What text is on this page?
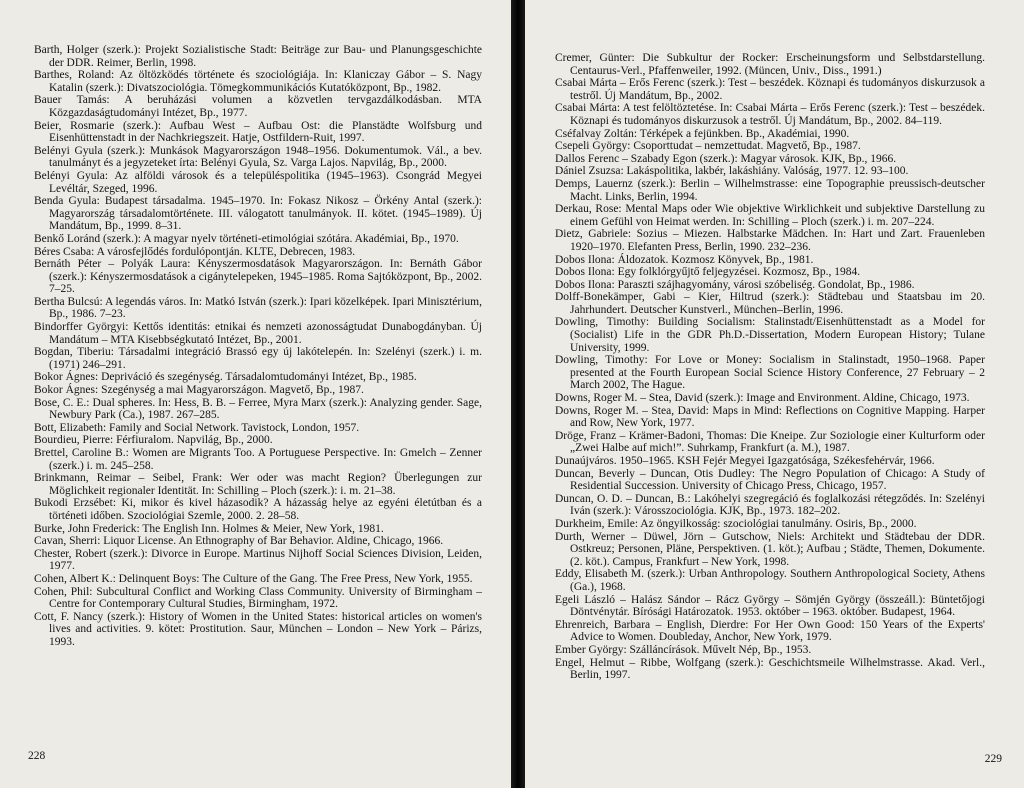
Barth, Holger (szerk.): Projekt Sozialistische Stadt: Beiträge zur Bau- und Planungsgeschichte der DDR. Reimer, Berlin, 1998.

Barthes, Roland: Az öltözködés története és szociológiája. In: Klaniczay Gábor – S. Nagy Katalin (szerk.): Divatszociológia. Tömegkommunikációs Kutatóközpont, Bp., 1982.

Bauer Tamás: A beruházási volumen a közvetlen tervgazdálkodásban. MTA Közgazdaságtudományi Intézet, Bp., 1977.

Beier, Rosmarie (szerk.): Aufbau West – Aufbau Ost: die Planstädte Wolfsburg und Eisenhüttenstadt in der Nachkriegszeit. Hatje, Ostfildern-Ruit, 1997.

Belényi Gyula (szerk.): Munkások Magyarországon 1948–1956. Dokumentumok. Vál., a bev. tanulmányt és a jegyzeteket írta: Belényi Gyula, Sz. Varga Lajos. Napvilág, Bp., 2000.

Belényi Gyula: Az alföldi városok és a településpolitika (1945–1963). Csongrád Megyei Levéltár, Szeged, 1996.

Benda Gyula: Budapest társadalma. 1945–1970. In: Fokasz Nikosz – Örkény Antal (szerk.): Magyarország társadalomtörténete. III. válogatott tanulmányok. II. kötet. (1945–1989). Új Mandátum, Bp., 1999. 8–31.

Benkő Loránd (szerk.): A magyar nyelv történeti-etimológiai szótára. Akadémiai, Bp., 1970.

Béres Csaba: A városfejlődés fordulópontján. KLTE, Debrecen, 1983.

Bernáth Péter – Polyák Laura: Kényszermosdatások Magyarországon. In: Bernáth Gábor (szerk.): Kényszermosdatások a cigánytelepeken, 1945–1985. Roma Sajtóközpont, Bp., 2002. 7–25.

Bertha Bulcsú: A legendás város. In: Matkó István (szerk.): Ipari közelképek. Ipari Minisztérium, Bp., 1986. 7–23.

Bindorffer Györgyi: Kettős identitás: etnikai és nemzeti azonosságtudat Dunabogdányban. Új Mandátum – MTA Kisebbségkutató Intézet, Bp., 2001.

Bogdan, Tiberiu: Társadalmi integráció Brassó egy új lakótelepén. In: Szelényi (szerk.) i. m. (1971) 246–291.

Bokor Ágnes: Depriváció és szegénység. Társadalomtudományi Intézet, Bp., 1985.

Bokor Ágnes: Szegénység a mai Magyarországon. Magvető, Bp., 1987.

Bose, C. E.: Dual spheres. In: Hess, B. B. – Ferree, Myra Marx (szerk.): Analyzing gender. Sage, Newbury Park (Ca.), 1987. 267–285.

Bott, Elizabeth: Family and Social Network. Tavistock, London, 1957.

Bourdieu, Pierre: Férfiuralom. Napvilág, Bp., 2000.

Brettel, Caroline B.: Women are Migrants Too. A Portuguese Perspective. In: Gmelch – Zenner (szerk.) i. m. 245–258.

Brinkmann, Reimar – Seibel, Frank: Wer oder was macht Region? Überlegungen zur Möglichkeit regionaler Identität. In: Schilling – Ploch (szerk.): i. m. 21–38.

Bukodi Erzsébet: Ki, mikor és kivel házasodik? A házasság helye az egyéni életútban és a történeti időben. Szociológiai Szemle, 2000. 2. 28–58.

Burke, John Frederick: The English Inn. Holmes & Meier, New York, 1981.

Cavan, Sherri: Liquor License. An Ethnography of Bar Behavior. Aldine, Chicago, 1966.

Chester, Robert (szerk.): Divorce in Europe. Martinus Nijhoff Social Sciences Division, Leiden, 1977.

Cohen, Albert K.: Delinquent Boys: The Culture of the Gang. The Free Press, New York, 1955.

Cohen, Phil: Subcultural Conflict and Working Class Community. University of Birmingham – Centre for Contemporary Cultural Studies, Birmingham, 1972.

Cott, F. Nancy (szerk.): History of Women in the United States: historical articles on women's lives and activities. 9. kötet: Prostitution. Saur, München – London – New York – Párizs, 1993.

228

Cremer, Günter: Die Subkultur der Rocker: Erscheinungsform und Selbstdarstellung. Centaurus-Verl., Pfaffenweiler, 1992. (Müncen, Univ., Diss., 1991.)

Csabai Márta – Erős Ferenc (szerk.): Test – beszédek. Köznapi és tudományos diskurzusok a testről. Új Mandátum, Bp., 2002.

Csabai Márta: A test felöltöztetése. In: Csabai Márta – Erős Ferenc (szerk.): Test – beszédek. Köznapi és tudományos diskurzusok a testről. Új Mandátum, Bp., 2002. 84–119.

Cséfalvay Zoltán: Térképek a fejünkben. Bp., Akadémiai, 1990.

Csepeli György: Csoporttudat – nemzettudat. Magvető, Bp., 1987.

Dallos Ferenc – Szabady Egon (szerk.): Magyar városok. KJK, Bp., 1966.

Dániel Zsuzsa: Lakáspolitika, lakbér, lakáshiány. Valóság, 1977. 12. 93–100.

Demps, Lauernz (szerk.): Berlin – Wilhelmstrasse: eine Topographie preussisch-deutscher Macht. Links, Berlin, 1994.

Derkau, Rose: Mental Maps oder Wie objektive Wirklichkeit und subjektive Darstellung zu einem Gefühl von Heimat werden. In: Schilling – Ploch (szerk.) i. m. 207–224.

Dietz, Gabriele: Sozius – Miezen. Halbstarke Mädchen. In: Hart und Zart. Frauenleben 1920–1970. Elefanten Press, Berlin, 1990. 232–236.

Dobos Ilona: Áldozatok. Kozmosz Könyvek, Bp., 1981.

Dobos Ilona: Egy folklórgyűjtő feljegyzései. Kozmosz, Bp., 1984.

Dobos Ilona: Paraszti szájhagyomány, városi szóbeliség. Gondolat, Bp., 1986.

Dolff-Bonekämper, Gabi – Kier, Hiltrud (szerk.): Städtebau und Staatsbau im 20. Jahrhundert. Deutscher Kunstverl., München–Berlin, 1996.

Dowling, Timothy: Building Socialism: Stalinstadt/Eisenhüttenstadt as a Model for (Socialist) Life in the GDR Ph.D.-Dissertation, Modern European History; Tulane University, 1999.

Dowling, Timothy: For Love or Money: Socialism in Stalinstadt, 1950–1968. Paper presented at the Fourth European Social Science History Conference, 27 February – 2 March 2002, The Hague.

Downs, Roger M. – Stea, David (szerk.): Image and Environment. Aldine, Chicago, 1973.

Downs, Roger M. – Stea, David: Maps in Mind: Reflections on Cognitive Mapping. Harper and Row, New York, 1977.

Dröge, Franz – Krämer-Badoni, Thomas: Die Kneipe. Zur Soziologie einer Kulturform oder „Zwei Halbe auf mich!”. Suhrkamp, Frankfurt (a. M.), 1987.

Dunaújváros. 1950–1965. KSH Fejér Megyei Igazgatósága, Székesfehérvár, 1966.

Duncan, Beverly – Duncan, Otis Dudley: The Negro Population of Chicago: A Study of Residential Succession. University of Chicago Press, Chicago, 1957.

Duncan, O. D. – Duncan, B.: Lakóhelyi szegregáció és foglalkozási rétegződés. In: Szelényi Iván (szerk.): Városszociológia. KJK, Bp., 1973. 182–202.

Durkheim, Emile: Az öngyilkosság: szociológiai tanulmány. Osiris, Bp., 2000.

Durth, Werner – Düwel, Jörn – Gutschow, Niels: Architekt und Städtebau der DDR. Ostkreuz; Personen, Pläne, Perspektiven. (1. köt.); Aufbau ; Städte, Themen, Dokumente. (2. köt.). Campus, Frankfurt – New York, 1998.

Eddy, Elisabeth M. (szerk.): Urban Anthropology. Southern Anthropological Society, Athens (Ga.), 1968.

Egeli László – Halász Sándor – Rácz György – Sömjén György (összeáll.): Büntetőjogi Döntvénytár. Bírósági Határozatok. 1953. október – 1963. október. Budapest, 1964.

Ehrenreich, Barbara – English, Dierdre: For Her Own Good: 150 Years of the Experts' Advice to Women. Doubleday, Anchor, New York, 1979.

Ember György: Szálláncírások. Művelt Nép, Bp., 1953.

Engel, Helmut – Ribbe, Wolfgang (szerk.): Geschichtsmeile Wilhelmstrasse. Akad. Verl., Berlin, 1997.

229
